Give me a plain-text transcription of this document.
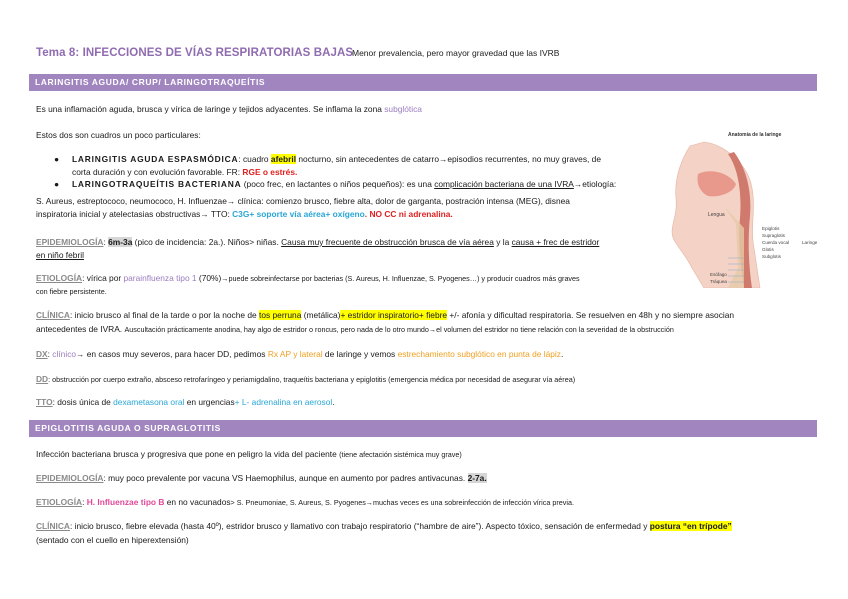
Tema 8: INFECCIONES DE VÍAS RESPIRATORIAS BAJAS
Menor prevalencia, pero mayor gravedad que las IVRB
LARINGITIS AGUDA/ CRUP/ LARINGOTRAQUEÍTIS
Es una inflamación aguda, brusca y vírica de laringe y tejidos adyacentes. Se inflama la zona subglótica
Estos dos son cuadros un poco particulares:
● LARINGITIS AGUDA ESPASMÓDICA: cuadro afebril nocturno, sin antecedentes de catarro→episodios recurrentes, no muy graves, de
corta duración y con evolución favorable. FR: RGE o estrés.
● LARINGOTRAQUEÍTIS BACTERIANA (poco frec, en lactantes o niños pequeños): es una complicación bacteriana de una IVRA→etiología:
S. Aureus, estreptococo, neumococo, H. Influenzae→ clínica: comienzo brusco, fiebre alta, dolor de garganta, postración intensa (MEG), disnea
inspiratoria inicial y atelectasias obstructivas→ TTO: C3G+ soporte vía aérea+ oxígeno. NO CC ni adrenalina.
EPIDEMIOLOGÍA: 6m-3a (pico de incidencia: 2a.). Niños> niñas. Causa muy frecuente de obstrucción brusca de vía aérea y la causa + frec de estridor
en niño febril
ETIOLOGÍA: vírica por parainfluenza tipo 1 (70%)→puede sobreinfectarse por bacterias (S. Aureus, H. Influenzae, S. Pyogenes…) y producir cuadros más graves
con fiebre persistente.
CLÍNICA: inicio brusco al final de la tarde o por la noche de tos perruna (metálica)+ estridor inspiratorio+ fiebre +/- afonía y dificultad respiratoria. Se resuelven en 48h y no siempre asocian
antecedentes de IVRA. Auscultación prácticamente anodina, hay algo de estridor o roncus, pero nada de lo otro mundo→el volumen del estridor no tiene relación con la severidad de la obstrucción
DX: clínico→ en casos muy severos, para hacer DD, pedimos Rx AP y lateral de laringe y vemos estrechamiento subglótico en punta de lápiz.
DD: obstrucción por cuerpo extraño, absceso retrofaríngeo y periamigdalino, traqueítis bacteriana y epiglotitis (emergencia médica por necesidad de asegurar vía aérea)
TTO: dosis única de dexametasona oral en urgencias+ L- adrenalina en aerosol.
Anatomía de la laringe
Lengua
Epiglotis
Supraglotis
Cuerda vocal
Glotis
Subglotis
Laringe
Esófago
Tráquea
EPIGLOTITIS AGUDA O SUPRAGLOTITIS
Infección bacteriana brusca y progresiva que pone en peligro la vida del paciente (tiene afectación sistémica muy grave)
EPIDEMIOLOGÍA: muy poco prevalente por vacuna VS Haemophilus, aunque en aumento por padres antivacunas. 2-7a.
ETIOLOGÍA: H. Influenzae tipo B en no vacunados> S. Pneumoniae, S. Aureus, S. Pyogenes→muchas veces es una sobreinfección de infección vírica previa.
CLÍNICA: inicio brusco, fiebre elevada (hasta 40º), estridor brusco y llamativo con trabajo respiratorio (“hambre de aire”). Aspecto tóxico, sensación de enfermedad y postura “en trípode”
(sentado con el cuello en hiperextensión)
